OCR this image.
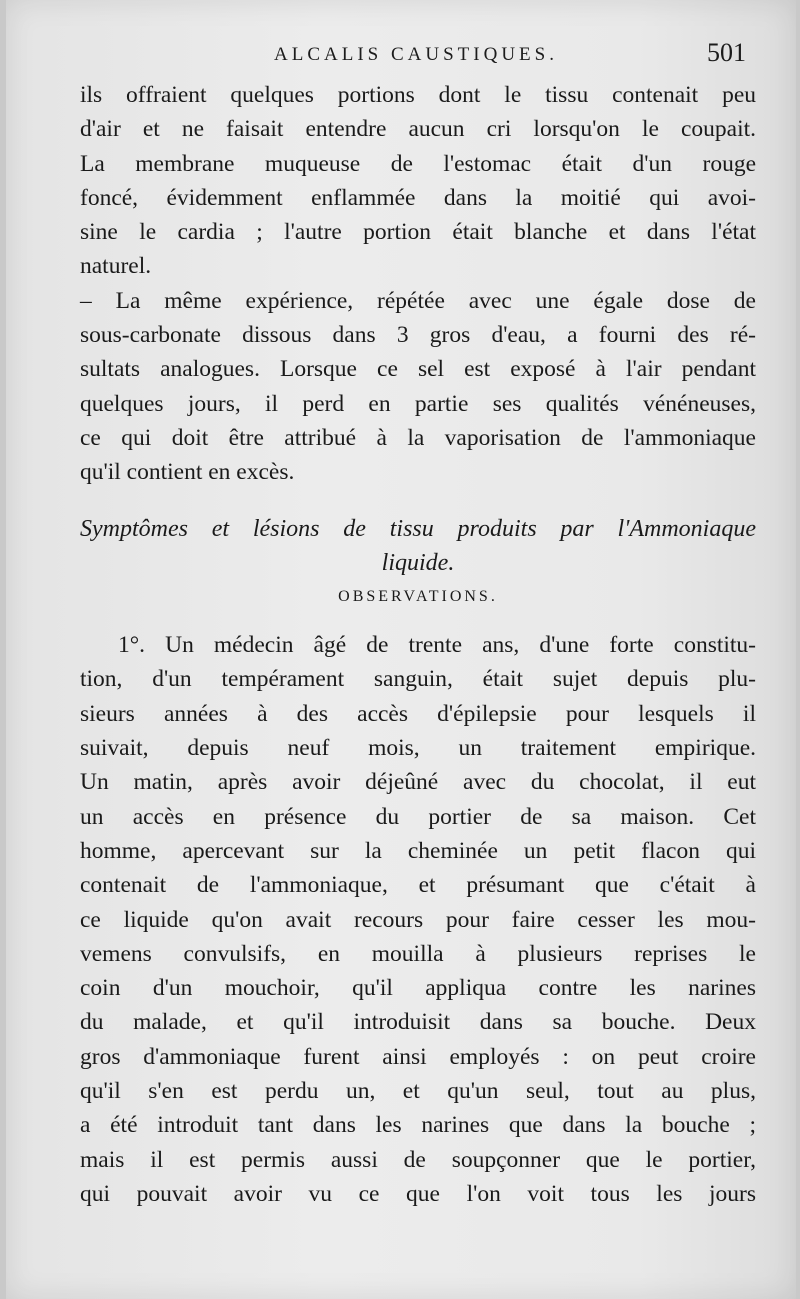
ALCALIS CAUSTIQUES.	501
ils offraient quelques portions dont le tissu contenait peu
d'air et ne faisait entendre aucun cri lorsqu'on le coupait.
La membrane muqueuse de l'estomac était d'un rouge
foncé, évidemment enflammée dans la moitié qui avoi-
sine le cardia ; l'autre portion était blanche et dans l'état
naturel.
– La même expérience, répétée avec une égale dose de
sous-carbonate dissous dans 3 gros d'eau, a fourni des ré-
sultats analogues. Lorsque ce sel est exposé à l'air pendant
quelques jours, il perd en partie ses qualités vénéneuses,
ce qui doit être attribué à la vaporisation de l'ammoniaque
qu'il contient en excès.
Symptômes et lésions de tissu produits par l'Ammoniaque
liquide.
OBSERVATIONS.
1°. Un médecin âgé de trente ans, d'une forte constitu-
tion, d'un tempérament sanguin, était sujet depuis plu-
sieurs années à des accès d'épilepsie pour lesquels il
suivait, depuis neuf mois, un traitement empirique.
Un matin, après avoir déjeûné avec du chocolat, il eut
un accès en présence du portier de sa maison. Cet
homme, apercevant sur la cheminée un petit flacon qui
contenait de l'ammoniaque, et présumant que c'était à
ce liquide qu'on avait recours pour faire cesser les mou-
vemens convulsifs, en mouilla à plusieurs reprises le
coin d'un mouchoir, qu'il appliqua contre les narines
du malade, et qu'il introduisit dans sa bouche. Deux
gros d'ammoniaque furent ainsi employés : on peut croire
qu'il s'en est perdu un, et qu'un seul, tout au plus,
a été introduit tant dans les narines que dans la bouche ;
mais il est permis aussi de soupçonner que le portier,
qui pouvait avoir vu ce que l'on voit tous les jours
